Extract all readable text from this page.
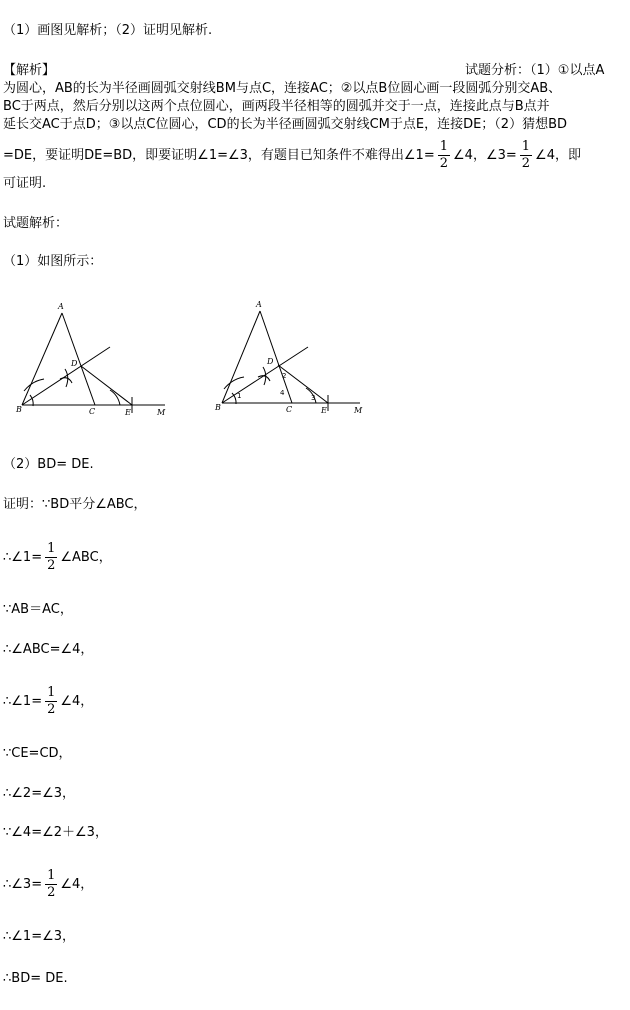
（1）画图见解析；（2）证明见解析.
【解析】	试题分析：（1）①以点A
为圆心，AB的长为半径画圆弧交射线BM与点C，连接AC；②以点B位圆心画一段圆弧分别交AB、
BC于两点，然后分别以这两个点位圆心，画两段半径相等的圆弧并交于一点，连接此点与B点并
延长交AC于点D；③以点C位圆心，CD的长为半径画圆弧交射线CM于点E，连接DE；（2）猜想BD
=DE，要证明DE=BD，即要证明∠1=∠3，有题目已知条件不难得出∠1= $\frac{1}{2}$ ∠4，∠3= $\frac{1}{2}$ ∠4，即
可证明.
试题解析：
（1）如图所示：
A
B	C
D
E	M
A
B	C
D
E	M
1
2
3
4
（2）BD= DE.
证明：∵BD平分∠ABC，
∴∠1= $\frac{1}{2}$ ∠ABC，
∵AB＝AC，
∴∠ABC=∠4，
∴∠1= $\frac{1}{2}$ ∠4，
∵CE=CD，
∴∠2=∠3，
∵∠4=∠2＋∠3，
∴∠3= $\frac{1}{2}$ ∠4，
∴∠1=∠3，
∴BD= DE.
